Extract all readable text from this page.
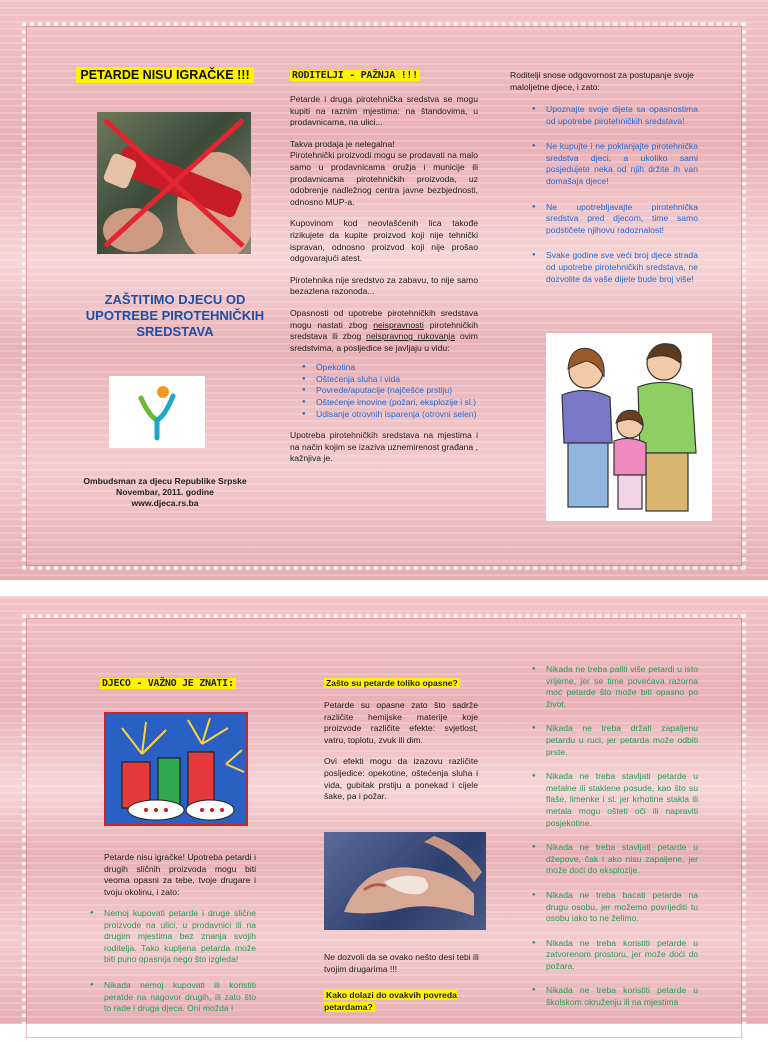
PETARDE NISU IGRAČKE !!!
ZAŠTITIMO DJECU OD UPOTREBE PIROTEHNIČKIH SREDSTAVA
Ombudsman za djecu Republike Srpske
Novembar, 2011. godine
www.djeca.rs.ba
RODITELJI - PAŽNJA !!!
Petarde i druga pirotehnička sredstva se mogu kupiti na raznim mjestima: na štandovima, u prodavnicama, na ulici...
Takva prodaja je nelegalna!
Pirotehnički proizvodi mogu se prodavati na malo samo u prodavnicama oružja i municije ili prodavnicama pirotehničkih proizvoda, uz odobrenje nadležnog centra javne bezbjednosti, odnosno MUP-a.
Kupovinom kod neovlašćenih lica takođe rizikujete da kupite proizvod koji nije tehnički ispravan, odnosno proizvod koji nije prošao odgovarajući atest.
Pirotehnika nije sredstvo za zabavu, to nije samo bezazlena razonoda...
Opasnosti od upotrebe pirotehničkih sredstava mogu nastati zbog neispravnosti pirotehničkih sredstava ili zbog neispravnog rukovanja ovim sredstvima, a posljedice se javljaju u vidu:
● Opekotina
● Oštećenja sluha i vida
● Povrede/aputacije (najčešće prstiju)
● Oštećenje imovine (požari, eksplozije i sl.)
● Udisanje otrovnih isparenja (otrovni selen)
Upotreba pirotehničkih sredstava na mjestima i na način kojim se izaziva uznemirenost građana , kažnjiva je.
Roditelji snose odgovornost za postupanje svoje maloljetne djece, i zato:
● Upoznajte svoje dijete sa opasnostima od upotrebe pirotehničkih sredstava!
● Ne kupujte i ne poklanjajte pirotehnička sredstva djeci, a ukoliko sami posjedujete neka od njih držite ih van domašaja djece!
● Ne upotrebljavajte pirotehnička sredstva pred djecom, time samo podstičete njihovu radoznalost!
● Svake godine sve veći broj djece strada od upotrebe pirotehničkih sredstava, ne dozvolite da vaše dijete bude broj više!
DJECO - VAŽNO JE ZNATI:
Petarde nisu igračke! Upotreba petardi i drugih sličnih proizvoda mogu biti veoma opasni za tebe, tvoje drugare i tvoju okolinu, i zato:
● Nemoj kupovati petarde i druge slične proizvode na ulici, u prodavnici ili na drugim mjestima bez znanja svojih roditelja. Tako kupljena petarda može biti puno opasnija nego što izgleda!
● Nikada nemoj kupovati ili koristiti peratde na nagovor drugih, ili zato što to rade i druga djeca. Oni možda i
Zašto su petarde toliko opasne?
Petarde su opasne zato što sadrže različite hemijske materije koje proizvode različite efekte: svjetlost, vatru, toplotu, zvuk ili dim.
Ovi efekti mogu da izazovu različite posljedice: opekotine, oštećenja sluha i vida, gubitak prstiju a ponekad i cijele šake, pa i požar.
Ne dozvoli da se ovako nešto desi tebi ili tvojim drugarima !!!
Kako dolazi do ovakvih povreda petardama?
● Nikada ne treba paliti više petardi u isto vrijeme, jer se time povećava razorna moć petarde što može biti opasno po život.
● Nikada ne treba držati zapaljenu petardu u ruci, jer petarda može odbiti prste.
● Nikada ne treba stavljati petarde u metalne ili staklene posude, kao što su flaše, limenke i sl. jer krhotine stakla ili metala mogu ošteti oči ili napraviti posjekotine.
● Nikada ne treba stavljati petarde u džepove, čak i ako nisu zapaljene, jer može doći do eksplozije.
● Nikada ne treba bacati petarde na drugu osobu, jer možemo povrijediti tu osobu iako to ne želimo.
● Nikada ne treba koristiti petarde u zatvorenom prostoru, jer može doći do požara.
● Nikada ne treba koristiti petarde u školskom okruženju ili na mjestima
